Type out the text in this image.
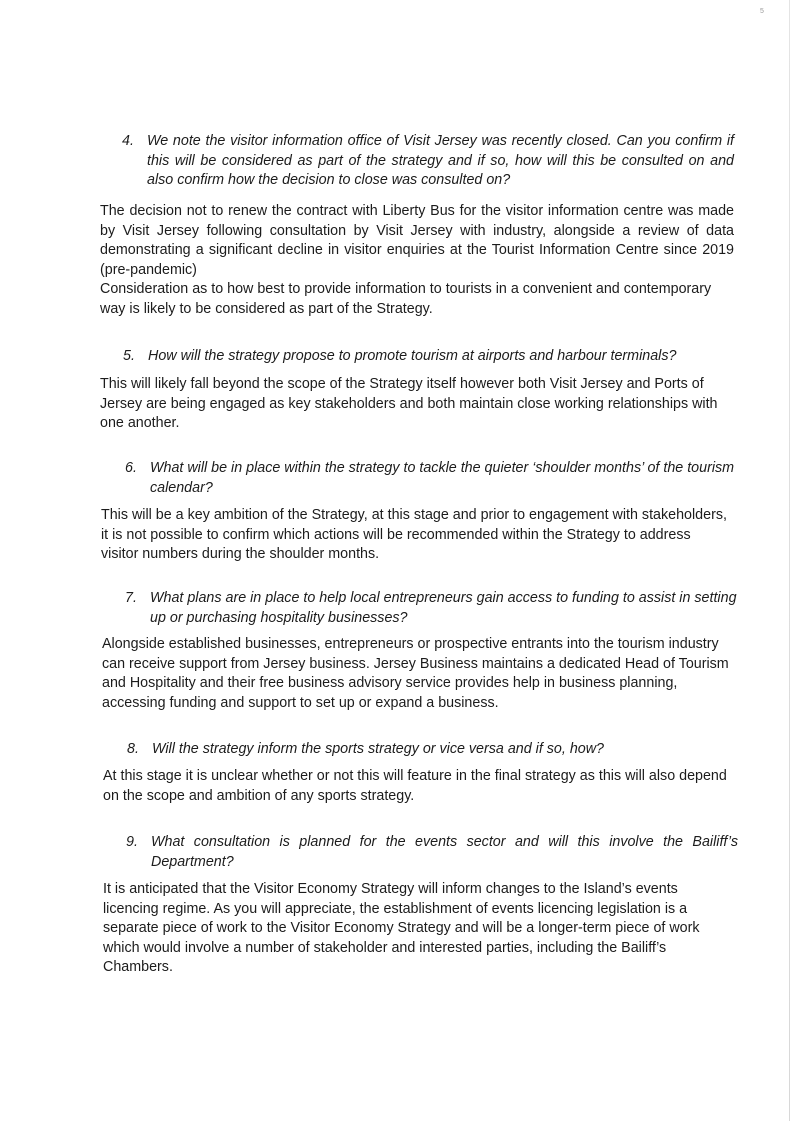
5
4. We note the visitor information office of Visit Jersey was recently closed. Can you confirm if this will be considered as part of the strategy and if so, how will this be consulted on and also confirm how the decision to close was consulted on?
The decision not to renew the contract with Liberty Bus for the visitor information centre was made by Visit Jersey following consultation by Visit Jersey with industry, alongside a review of data demonstrating a significant decline in visitor enquiries at the Tourist Information Centre since 2019 (pre-pandemic)
Consideration as to how best to provide information to tourists in a convenient and contemporary way is likely to be considered as part of the Strategy.
5. How will the strategy propose to promote tourism at airports and harbour terminals?
This will likely fall beyond the scope of the Strategy itself however both Visit Jersey and Ports of Jersey are being engaged as key stakeholders and both maintain close working relationships with one another.
6. What will be in place within the strategy to tackle the quieter ‘shoulder months’ of the tourism calendar?
This will be a key ambition of the Strategy, at this stage and prior to engagement with stakeholders, it is not possible to confirm which actions will be recommended within the Strategy to address visitor numbers during the shoulder months.
7. What plans are in place to help local entrepreneurs gain access to funding to assist in setting up or purchasing hospitality businesses?
Alongside established businesses, entrepreneurs or prospective entrants into the tourism industry can receive support from Jersey business. Jersey Business maintains a dedicated Head of Tourism and Hospitality and their free business advisory service provides help in business planning, accessing funding and support to set up or expand a business.
8. Will the strategy inform the sports strategy or vice versa and if so, how?
At this stage it is unclear whether or not this will feature in the final strategy as this will also depend on the scope and ambition of any sports strategy.
9. What consultation is planned for the events sector and will this involve the Bailiff’s Department?
It is anticipated that the Visitor Economy Strategy will inform changes to the Island’s events licencing regime. As you will appreciate, the establishment of events licencing legislation is a separate piece of work to the Visitor Economy Strategy and will be a longer-term piece of work which would involve a number of stakeholder and interested parties, including the Bailiff’s Chambers.
